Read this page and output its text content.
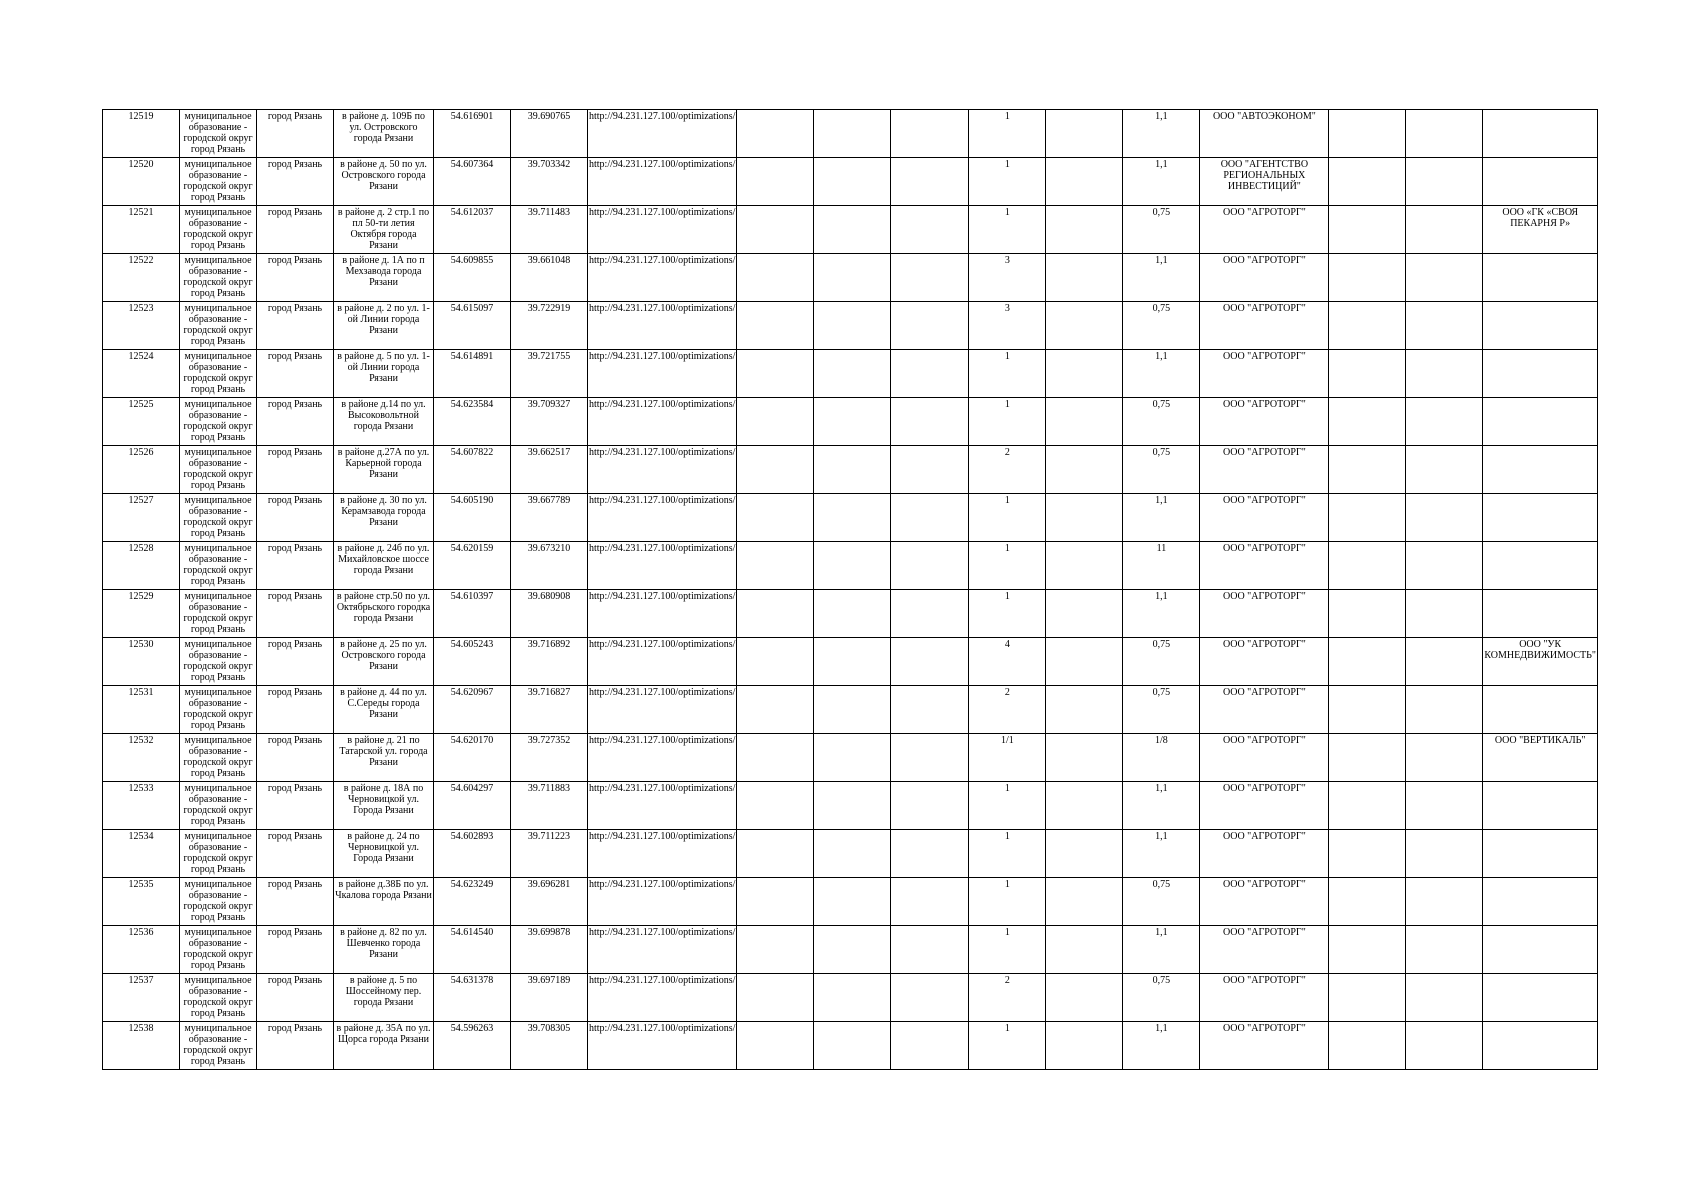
12519	муниципальное образование - городской округ город Рязань	город Рязань	в районе д. 109Б по ул. Островского города Рязани	54.616901	39.690765	http://94.231.127.100/optimizations/				1		1,1	ООО "АВТОЭКОНОМ"			
12520	муниципальное образование - городской округ город Рязань	город Рязань	в районе д. 50 по ул. Островского города Рязани	54.607364	39.703342	http://94.231.127.100/optimizations/				1		1,1	ООО "АГЕНТСТВО РЕГИОНАЛЬНЫХ ИНВЕСТИЦИЙ"			
12521	муниципальное образование - городской округ город Рязань	город Рязань	в районе д. 2 стр.1 по пл 50-ти летия Октября города Рязани	54.612037	39.711483	http://94.231.127.100/optimizations/				1		0,75	ООО "АГРОТОРГ"			ООО «ГК «СВОЯ ПЕКАРНЯ Р»
12522	муниципальное образование - городской округ город Рязань	город Рязань	в районе д. 1А по п Мехзавода города Рязани	54.609855	39.661048	http://94.231.127.100/optimizations/				3		1,1	ООО "АГРОТОРГ"			
12523	муниципальное образование - городской округ город Рязань	город Рязань	в районе д. 2 по ул. 1-ой Линии города Рязани	54.615097	39.722919	http://94.231.127.100/optimizations/				3		0,75	ООО "АГРОТОРГ"			
12524	муниципальное образование - городской округ город Рязань	город Рязань	в районе д. 5 по ул. 1-ой Линии города Рязани	54.614891	39.721755	http://94.231.127.100/optimizations/				1		1,1	ООО "АГРОТОРГ"			
12525	муниципальное образование - городской округ город Рязань	город Рязань	в районе д.14 по ул. Высоковольтной города Рязани	54.623584	39.709327	http://94.231.127.100/optimizations/				1		0,75	ООО "АГРОТОРГ"			
12526	муниципальное образование - городской округ город Рязань	город Рязань	в районе д.27А по ул. Карьерной города Рязани	54.607822	39.662517	http://94.231.127.100/optimizations/				2		0,75	ООО "АГРОТОРГ"			
12527	муниципальное образование - городской округ город Рязань	город Рязань	в районе д. 30 по ул. Керамзавода города Рязани	54.605190	39.667789	http://94.231.127.100/optimizations/				1		1,1	ООО "АГРОТОРГ"			
12528	муниципальное образование - городской округ город Рязань	город Рязань	в районе д. 24б по ул. Михайловское шоссе города Рязани	54.620159	39.673210	http://94.231.127.100/optimizations/				1		11	ООО "АГРОТОРГ"			
12529	муниципальное образование - городской округ город Рязань	город Рязань	в районе стр.50 по ул. Октябрьского городка города Рязани	54.610397	39.680908	http://94.231.127.100/optimizations/				1		1,1	ООО "АГРОТОРГ"			
12530	муниципальное образование - городской округ город Рязань	город Рязань	в районе д. 25 по ул. Островского города Рязани	54.605243	39.716892	http://94.231.127.100/optimizations/				4		0,75	ООО "АГРОТОРГ"			ООО "УК КОМНЕДВИЖИМОСТЬ"
12531	муниципальное образование - городской округ город Рязань	город Рязань	в районе д. 44 по ул. С.Середы города Рязани	54.620967	39.716827	http://94.231.127.100/optimizations/				2		0,75	ООО "АГРОТОРГ"			
12532	муниципальное образование - городской округ город Рязань	город Рязань	в районе д. 21 по Татарской ул. города Рязани	54.620170	39.727352	http://94.231.127.100/optimizations/				1/1		1/8	ООО "АГРОТОРГ"			ООО "ВЕРТИКАЛЬ"
12533	муниципальное образование - городской округ город Рязань	город Рязань	в районе д. 18А по Черновицкой ул. Города Рязани	54.604297	39.711883	http://94.231.127.100/optimizations/				1		1,1	ООО "АГРОТОРГ"			
12534	муниципальное образование - городской округ город Рязань	город Рязань	в районе д. 24 по Черновицкой ул. Города Рязани	54.602893	39.711223	http://94.231.127.100/optimizations/				1		1,1	ООО "АГРОТОРГ"			
12535	муниципальное образование - городской округ город Рязань	город Рязань	в районе д.38Б по ул. Чкалова города Рязани	54.623249	39.696281	http://94.231.127.100/optimizations/				1		0,75	ООО "АГРОТОРГ"			
12536	муниципальное образование - городской округ город Рязань	город Рязань	в районе д. 82 по ул. Шевченко города Рязани	54.614540	39.699878	http://94.231.127.100/optimizations/				1		1,1	ООО "АГРОТОРГ"			
12537	муниципальное образование - городской округ город Рязань	город Рязань	в районе д. 5 по Шоссейному пер. города Рязани	54.631378	39.697189	http://94.231.127.100/optimizations/				2		0,75	ООО "АГРОТОРГ"			
12538	муниципальное образование - городской округ город Рязань	город Рязань	в районе д. 35А по ул. Щорса города Рязани	54.596263	39.708305	http://94.231.127.100/optimizations/				1		1,1	ООО "АГРОТОРГ"			
